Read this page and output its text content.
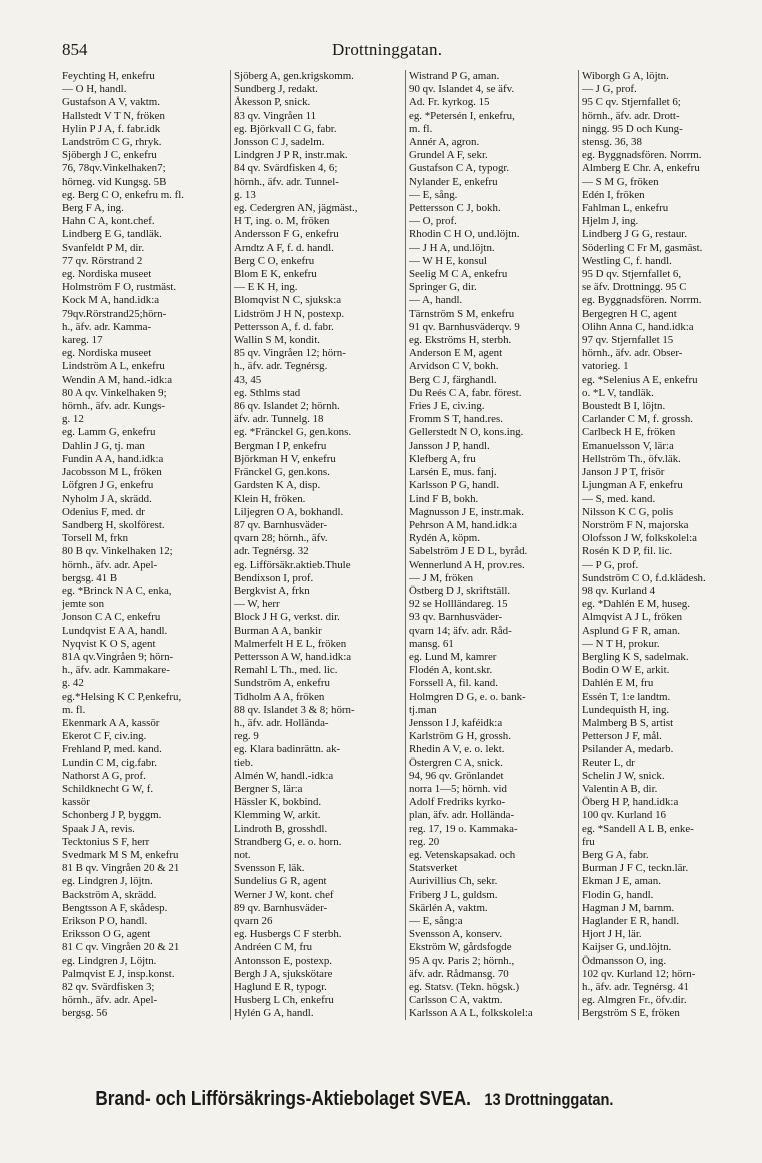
854	Drottninggatan.
Feychting H, enkefru
— O H, handl.
Gustafson A V, vaktm.
Hallstedt V T N, fröken
Hylin P J A, f. fabr.idk
Landström C G, rhryk.
Sjöbergh J C, enkefru
76, 78qv.Vinkelhaken7;
hörneg. vid Kungsg. 5B
eg. Berg C O, enkefru m. fl.
Berg F A, ing.
Hahn C A, kont.chef.
Lindberg E G, tandläk.
Svanfeldt P M, dir.
77 qv. Rörstrand 2
eg. Nordiska museet
Holmström F O, rustmäst.
Kock M A, hand.idk:a
79qv.Rörstrand25;hörn-
h., äfv. adr. Kamma-
kareg. 17
eg. Nordiska museet
Lindström A L, enkefru
Wendin A M, hand.-idk:a
80 A qv. Vinkelhaken 9;
hörnh., äfv. adr. Kungs-
g. 12
eg. Lamm G, enkefru
Dahlin J G, tj. man
Fundin A A, hand.idk:a
Jacobsson M L, fröken
Löfgren J G, enkefru
Nyholm J A, skrädd.
Odenius F, med. dr
Sandberg H, skolförest.
Torsell M, frkn
80 B qv. Vinkelhaken 12;
hörnh., äfv. adr. Apel-
bergsg. 41 B
eg. *Brinck N A C, enka,
jemte son
Jonson C A C, enkefru
Lundqvist E A A, handl.
Nyqvist K O S, agent
81A qv.Vingråen 9; hörn-
h., äfv. adr. Kammakare-
g. 42
eg.*Helsing K C P,enkefru,
m. fl.
Ekenmark A A, kassör
Ekerot C F, civ.ing.
Frehland P, med. kand.
Lundin C M, cig.fabr.
Nathorst A G, prof.
Schildknecht G W, f.
kassör
Schonberg J P, byggm.
Spaak J A, revis.
Tecktonius S F, herr
Svedmark M S M, enkefru
81 B qv. Vingråen 20 & 21
eg. Lindgren J, löjtn.
Backström A, skrädd.
Bengtsson A F, skådesp.
Erikson P O, handl.
Eriksson O G, agent
81 C qv. Vingråen 20 & 21
eg. Lindgren J, Löjtn.
Palmqvist E J, insp.konst.
82 qv. Svärdfisken 3;
hörnh., äfv. adr. Apel-
bergsg. 56
Sjöberg A, gen.krigskomm.
Sundberg J, redakt.
Åkesson P, snick.
83 qv. Vingråen 11
eg. Björkvall C G, fabr.
Jonsson C J, sadelm.
Lindgren J P R, instr.mak.
84 qv. Svärdfisken 4, 6;
hörnh., äfv. adr. Tunnel-
g. 13
eg. Cedergren AN, jägmäst.,
H T, ing. o. M, fröken
Andersson F G, enkefru
Arndtz A F, f. d. handl.
Berg C O, enkefru
Blom E K, enkefru
— E K H, ing.
Blomqvist N C, sjuksk:a
Lidström J H N, postexp.
Pettersson A, f. d. fabr.
Wallin S M, kondit.
85 qv. Vingråen 12; hörn-
h., äfv. adr. Tegnérsg.
43, 45
eg. Sthlms stad
86 qv. Islandet 2; hörnh.
äfv. adr. Tunnelg. 18
eg. *Fränckel G, gen.kons.
Bergman I P, enkefru
Björkman H V, enkefru
Fränckel G, gen.kons.
Gardsten K A, disp.
Klein H, fröken.
Liljegren O A, bokhandl.
87 qv. Barnhusväder-
qvarn 28; hörnh., äfv.
adr. Tegnérsg. 32
eg. Lifförsäkr.aktieb.Thule
Bendixson I, prof.
Bergkvist A, frkn
— W, herr
Block J H G, verkst. dir.
Burman A A, bankir
Malmerfelt H E L, fröken
Pettersson A W, hand.idk:a
Remahl L Th., med. lic.
Sundström A, enkefru
Tidholm A A, fröken
88 qv. Islandet 3 & 8; hörn-
h., äfv. adr. Hollända-
reg. 9
eg. Klara badinrättn. ak-
tieb.
Almén W, handl.-idk:a
Bergner S, lär:a
Hässler K, bokbind.
Klemming W, arkit.
Lindroth B, grosshdl.
Strandberg G, e. o. horn.
not.
Svensson F, läk.
Sundelius G R, agent
Werner J W, kont. chef
89 qv. Barnhusväder-
qvarn 26
eg. Husbergs C F sterbh.
Andréen C M, fru
Antonsson E, postexp.
Bergh J A, sjukskötare
Haglund E R, typogr.
Husberg L Ch, enkefru
Hylén G A, handl.
Wistrand P G, aman.
90 qv. Islandet 4, se äfv.
Ad. Fr. kyrkog. 15
eg. *Petersén I, enkefru,
m. fl.
Annér A, agron.
Grundel A F, sekr.
Gustafson C A, typogr.
Nylander E, enkefru
— E, sång.
Pettersson C J, bokh.
— O, prof.
Rhodin C H O, und.löjtn.
— J H A, und.löjtn.
— W H E, konsul
Seelig M C A, enkefru
Springer G, dir.
— A, handl.
Tärnström S M, enkefru
91 qv. Barnhusväderqv. 9
eg. Ekströms H, sterbh.
Anderson E M, agent
Arvidson C V, bokh.
Berg C J, färghandl.
Du Reés C A, fabr. förest.
Fries J E, civ.ing.
Fromm S T, hand.res.
Gellerstedt N O, kons.ing.
Jansson J P, handl.
Klefberg A, fru
Larsén E, mus. fanj.
Karlsson P G, handl.
Lind F B, bokh.
Magnusson J E, instr.mak.
Pehrson A M, hand.idk:a
Rydén A, köpm.
Sabelström J E D L, byråd.
Wennerlund A H, prov.res.
— J M, fröken
Östberg D J, skriftställ.
92 se Hollländareg. 15
93 qv. Barnhusväder-
qvarn 14; äfv. adr. Råd-
mansg. 61
eg. Lund M, kamrer
Flodén A, kont.skr.
Forssell A, fil. kand.
Holmgren D G, e. o. bank-
tj.man
Jensson I J, kaféidk:a
Karlström G H, grossh.
Rhedin A V, e. o. lekt.
Östergren C A, snick.
94, 96 qv. Grönlandet
norra 1—5; hörnh. vid
Adolf Fredriks kyrko-
plan, äfv. adr. Hollända-
reg. 17, 19 o. Kammaka-
reg. 20
eg. Vetenskapsakad. och
Statsverket
Aurivillius Ch, sekr.
Friberg J L, guldsm.
Skärlén A, vaktm.
— E, sång:a
Svensson A, konserv.
Ekström W, gårdsfogde
95 A qv. Paris 2; hörnh.,
äfv. adr. Rådmansg. 70
eg. Statsv. (Tekn. högsk.)
Carlsson C A, vaktm.
Karlsson A A L, folkskolel:a
Wiborgh G A, löjtn.
— J G, prof.
95 C qv. Stjernfallet 6;
hörnh., äfv. adr. Drott-
ningg. 95 D och Kung-
stensg. 36, 38
eg. Byggnadsfören. Norrm.
Almberg E Chr. A, enkefru
— S M G, fröken
Edén I, fröken
Fahlman L, enkefru
Hjelm J, ing.
Lindberg J G G, restaur.
Söderling C Fr M, gasmäst.
Westling C, f. handl.
95 D qv. Stjernfallet 6,
se äfv. Drottningg. 95 C
eg. Byggnadsfören. Norrm.
Bergegren H C, agent
Olihn Anna C, hand.idk:a
97 qv. Stjernfallet 15
hörnh., äfv. adr. Obser-
vatorieg. 1
eg. *Selenius A E, enkefru
o. *L V, tandläk.
Boustedt B I, löjtn.
Carlander C M, f. grossh.
Carlbeck H E, fröken
Emanuelsson V, lär:a
Hellström Th., öfv.läk.
Janson J P T, frisör
Ljungman A F, enkefru
— S, med. kand.
Nilsson K C G, polis
Norström F N, majorska
Olofsson J W, folkskolel:a
Rosén K D P, fil. lic.
— P G, prof.
Sundström C O, f.d.klädesh.
98 qv. Kurland 4
eg. *Dahlén E M, huseg.
Almqvist A J L, fröken
Asplund G F R, aman.
— N T H, prokur.
Bergling K S, sadelmak.
Bodin O W E, arkit.
Dahlén E M, fru
Essén T, 1:e landtm.
Lundequisth H, ing.
Malmberg B S, artist
Petterson J F, mål.
Psilander A, medarb.
Reuter L, dr
Schelin J W, snick.
Valentin A B, dir.
Öberg H P, hand.idk:a
100 qv. Kurland 16
eg. *Sandell A L B, enke-
fru
Berg G A, fabr.
Burman J F C, teckn.lär.
Ekman J E, aman.
Flodin G, handl.
Hagman J M, barnm.
Haglander E R, handl.
Hjort J H, lär.
Kaijser G, und.löjtn.
Ödmansson O, ing.
102 qv. Kurland 12; hörn-
h., äfv. adr. Tegnérsg. 41
eg. Almgren Fr., öfv.dir.
Bergström S E, fröken
Brand- och Lifförsäkrings-Aktiebolaget SVEA. 13 Drottninggatan.
